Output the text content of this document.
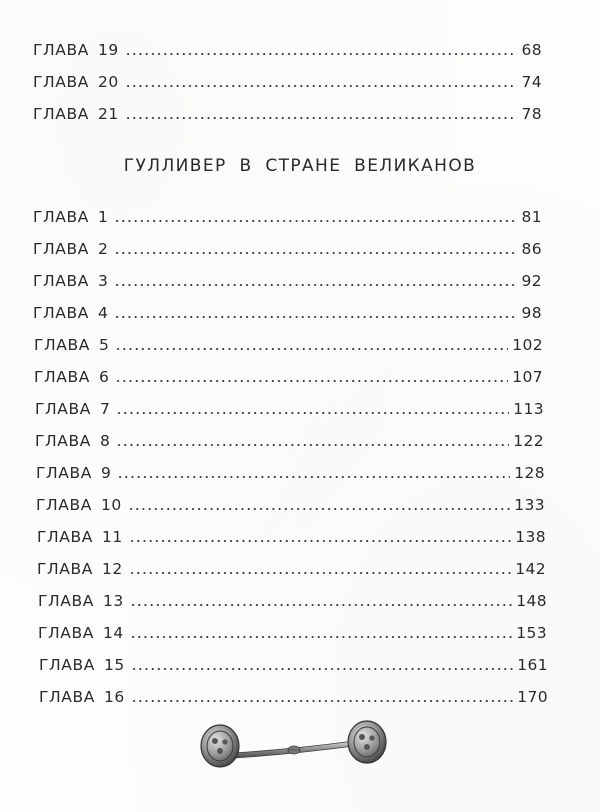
ГЛАВА 19	68
ГЛАВА 20	74
ГЛАВА 21	78
ГУЛЛИВЕР В СТРАНЕ ВЕЛИКАНОВ
ГЛАВА 1	81
ГЛАВА 2	86
ГЛАВА 3	92
ГЛАВА 4	98
ГЛАВА 5	102
ГЛАВА 6	107
ГЛАВА 7	113
ГЛАВА 8	122
ГЛАВА 9	128
ГЛАВА 10	133
ГЛАВА 11	138
ГЛАВА 12	142
ГЛАВА 13	148
ГЛАВА 14	153
ГЛАВА 15	161
ГЛАВА 16	170
